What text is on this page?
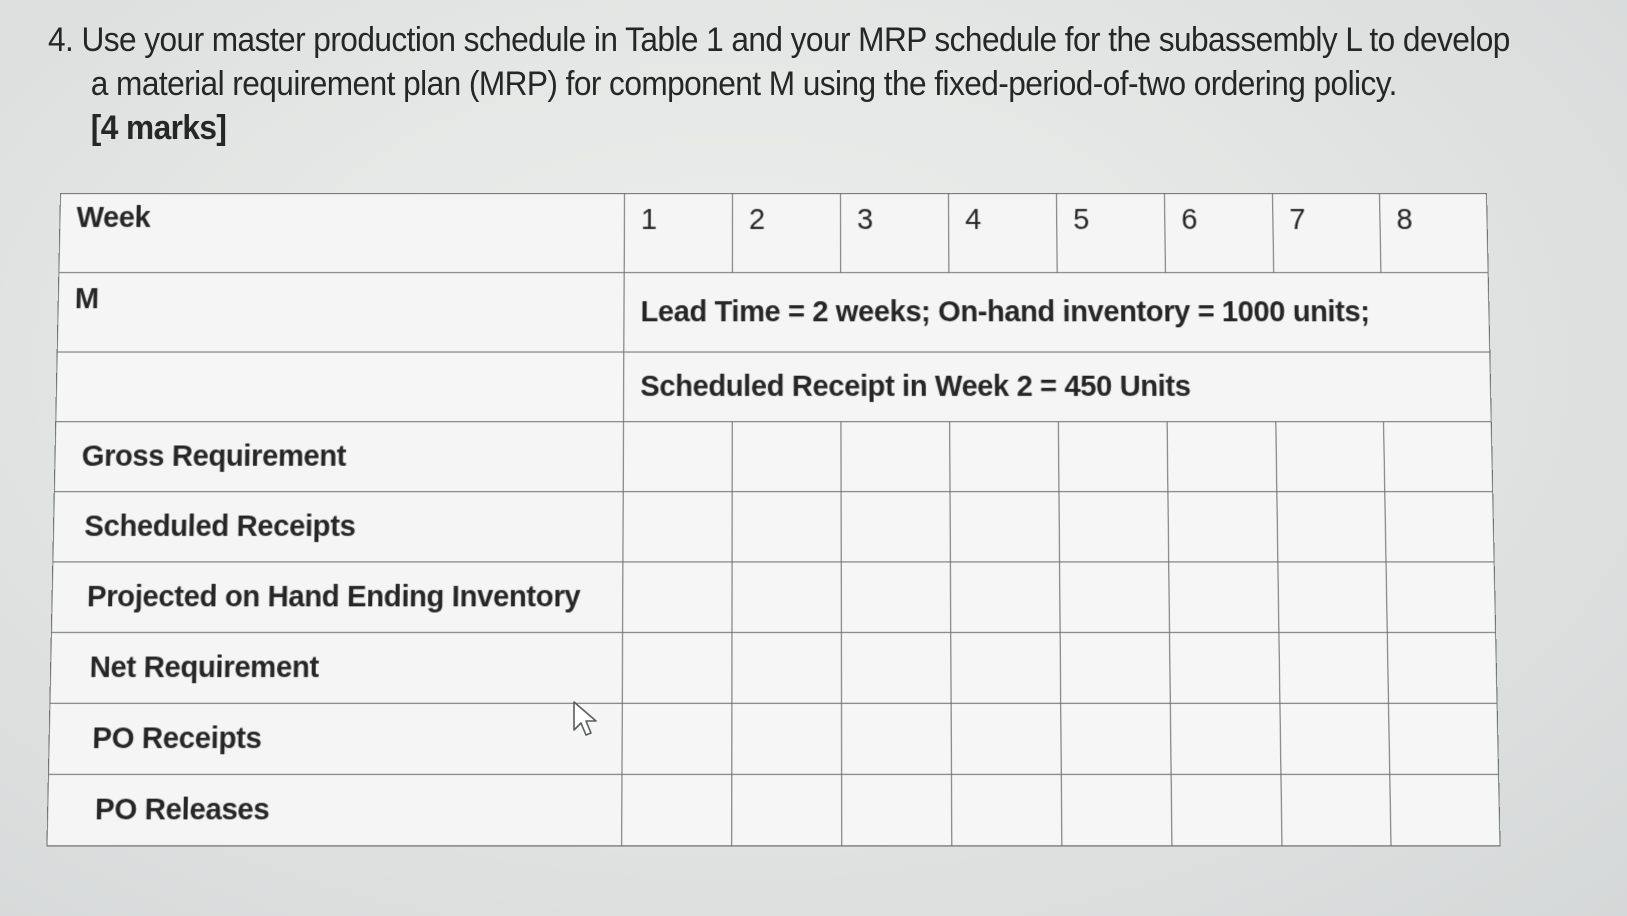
4. Use your master production schedule in Table 1 and your MRP schedule for the subassembly L to develop
a material requirement plan (MRP) for component M using the fixed-period-of-two ordering policy.
[4 marks]
Week	1	2	3	4	5	6	7	8
M	Lead Time = 2 weeks; On-hand inventory = 1000 units;							
	Scheduled Receipt in Week 2 = 450 Units							
Gross Requirement								
Scheduled Receipts								
Projected on Hand Ending Inventory								
Net Requirement								
PO Receipts								
PO Releases								
